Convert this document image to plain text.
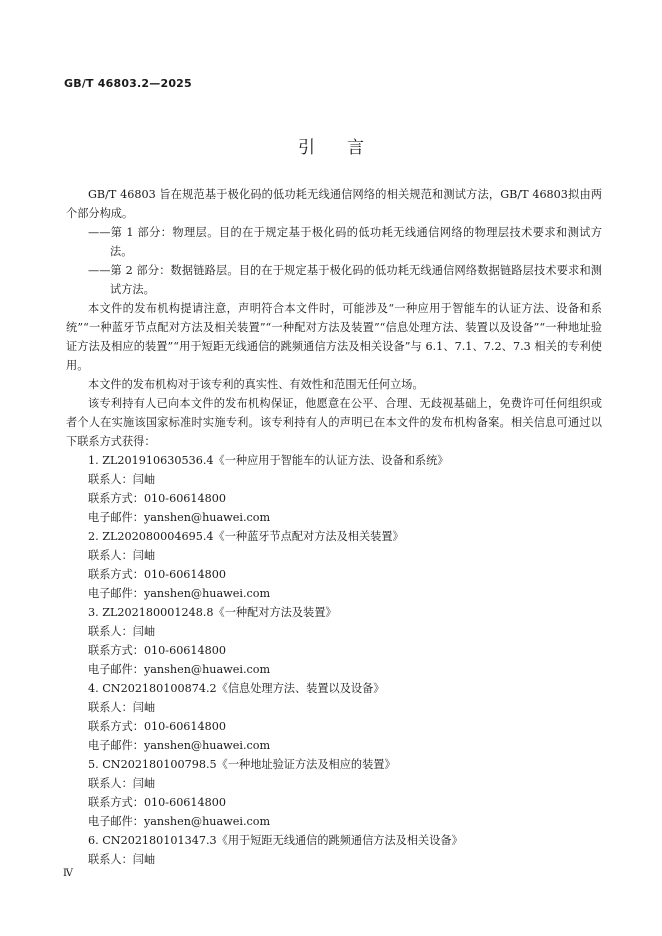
GB/T 46803.2—2025
引言

GB/T 46803 旨在规范基于极化码的低功耗无线通信网络的相关规范和测试方法，GB/T 46803拟由两个部分构成。

——第 1 部分：物理层。目的在于规定基于极化码的低功耗无线通信网络的物理层技术要求和测试方法。

——第 2 部分：数据链路层。目的在于规定基于极化码的低功耗无线通信网络数据链路层技术要求和测试方法。

本文件的发布机构提请注意，声明符合本文件时，可能涉及“一种应用于智能车的认证方法、设备和系统”“一种蓝牙节点配对方法及相关装置”“一种配对方法及装置”“信息处理方法、装置以及设备”“一种地址验证方法及相应的装置”“用于短距无线通信的跳频通信方法及相关设备”与 6.1、7.1、7.2、7.3 相关的专利使用。

本文件的发布机构对于该专利的真实性、有效性和范围无任何立场。

该专利持有人已向本文件的发布机构保证，他愿意在公平、合理、无歧视基础上，免费许可任何组织或者个人在实施该国家标准时实施专利。该专利持有人的声明已在本文件的发布机构备案。相关信息可通过以下联系方式获得：

1. ZL201910630536.4《一种应用于智能车的认证方法、设备和系统》

联系人：闫岫

联系方式：010-60614800

电子邮件：yanshen@huawei.com

2. ZL202080004695.4《一种蓝牙节点配对方法及相关装置》

联系人：闫岫

联系方式：010-60614800

电子邮件：yanshen@huawei.com

3. ZL202180001248.8《一种配对方法及装置》

联系人：闫岫

联系方式：010-60614800

电子邮件：yanshen@huawei.com

4. CN202180100874.2《信息处理方法、装置以及设备》

联系人：闫岫

联系方式：010-60614800

电子邮件：yanshen@huawei.com

5. CN202180100798.5《一种地址验证方法及相应的装置》

联系人：闫岫

联系方式：010-60614800

电子邮件：yanshen@huawei.com

6. CN202180101347.3《用于短距无线通信的跳频通信方法及相关设备》

联系人：闫岫

Ⅳ
